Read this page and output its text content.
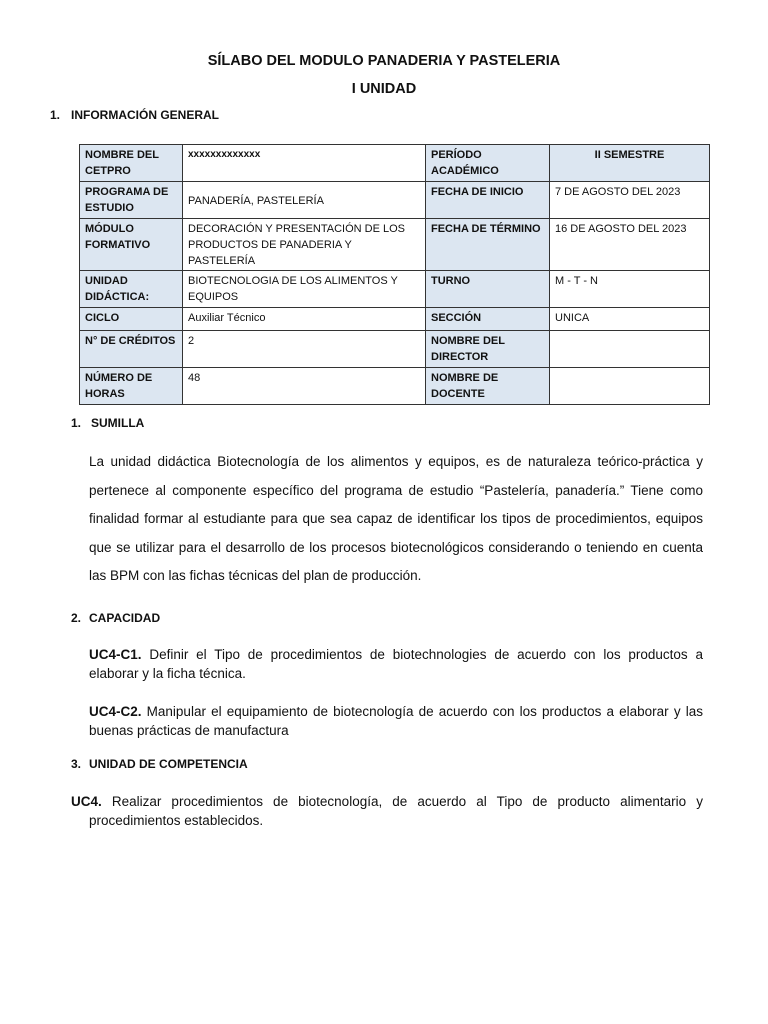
SÍLABO DEL MODULO PANADERIA Y PASTELERIA
I UNIDAD
1. INFORMACIÓN GENERAL
NOMBRE DEL CETPRO	xxxxxxxxxxxxx	PERÍODO ACADÉMICO	II SEMESTRE
PROGRAMA DE ESTUDIO	PANADERÍA, PASTELERÍA	FECHA DE INICIO	7 DE AGOSTO DEL 2023
MÓDULO FORMATIVO	DECORACIÓN Y PRESENTACIÓN DE LOS PRODUCTOS DE PANADERIA Y PASTELERÍA	FECHA DE TÉRMINO	16 DE AGOSTO DEL 2023
UNIDAD DIDÁCTICA:	BIOTECNOLOGIA DE LOS ALIMENTOS Y EQUIPOS	TURNO	M - T - N
CICLO	Auxiliar Técnico	SECCIÓN	UNICA
N° DE CRÉDITOS	2	NOMBRE DEL DIRECTOR	
NÚMERO DE HORAS	48	NOMBRE DE DOCENTE	
1. SUMILLA
La unidad didáctica Biotecnología de los alimentos y equipos, es de naturaleza teórico-práctica y pertenece al componente específico del programa de estudio “Pastelería, panadería.” Tiene como finalidad formar al estudiante para que sea capaz de identificar los tipos de procedimientos, equipos que se utilizar para el desarrollo de los procesos biotecnológicos considerando o teniendo en cuenta las BPM con las fichas técnicas del plan de producción.
2. CAPACIDAD
UC4-C1. Definir el Tipo de procedimientos de biotechnologies de acuerdo con los productos a elaborar y la ficha técnica.
UC4-C2. Manipular el equipamiento de biotecnología de acuerdo con los productos a elaborar y las buenas prácticas de manufactura
3. UNIDAD DE COMPETENCIA
UC4. Realizar procedimientos de biotecnología, de acuerdo al Tipo de producto alimentario y procedimientos establecidos.
